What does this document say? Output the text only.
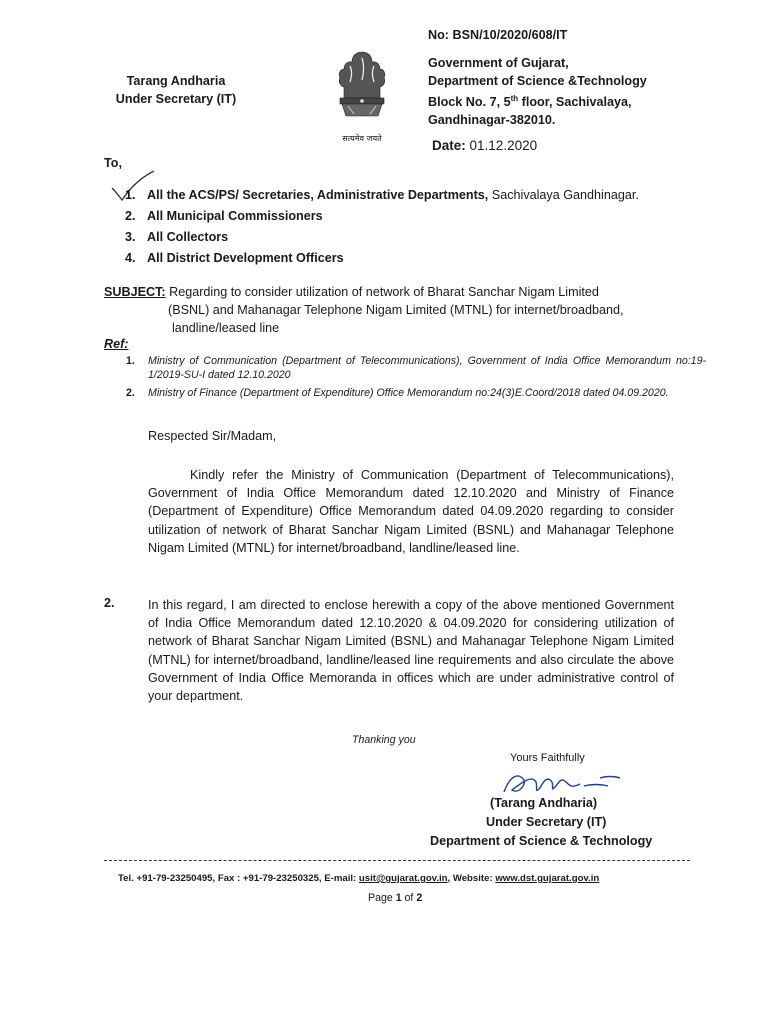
No: BSN/10/2020/608/IT
Tarang Andharia
Under Secretary (IT)
सत्यमेव जयते
Government of Gujarat,
Department of Science &Technology
Block No. 7, 5th floor, Sachivalaya,
Gandhinagar-382010.
Date: 01.12.2020
To,
1. All the ACS/PS/ Secretaries, Administrative Departments, Sachivalaya Gandhinagar.
2. All Municipal Commissioners
3. All Collectors
4. All District Development Officers
SUBJECT: Regarding to consider utilization of network of Bharat Sanchar Nigam Limited
(BSNL) and Mahanagar Telephone Nigam Limited (MTNL) for internet/broadband,
landline/leased line
Ref:
1. Ministry of Communication (Department of Telecommunications), Government of India Office Memorandum no:19-1/2019-SU-I dated 12.10.2020
2. Ministry of Finance (Department of Expenditure) Office Memorandum no:24(3)E.Coord/2018 dated 04.09.2020.
Respected Sir/Madam,
Kindly refer the Ministry of Communication (Department of Telecommunications), Government of India Office Memorandum dated 12.10.2020 and Ministry of Finance (Department of Expenditure) Office Memorandum dated 04.09.2020 regarding to consider utilization of network of Bharat Sanchar Nigam Limited (BSNL) and Mahanagar Telephone Nigam Limited (MTNL) for internet/broadband, landline/leased line.
2.	In this regard, I am directed to enclose herewith a copy of the above mentioned Government of India Office Memorandum dated 12.10.2020 & 04.09.2020 for considering utilization of network of Bharat Sanchar Nigam Limited (BSNL) and Mahanagar Telephone Nigam Limited (MTNL) for internet/broadband, landline/leased line requirements and also circulate the above Government of India Office Memoranda in offices which are under administrative control of your department.
Thanking you
Yours Faithfully
(Tarang Andharia)
Under Secretary (IT)
Department of Science & Technology
Tel. +91-79-23250495, Fax : +91-79-23250325, E-mail: usit@gujarat.gov.in, Website: www.dst.gujarat.gov.in
Page 1 of 2
